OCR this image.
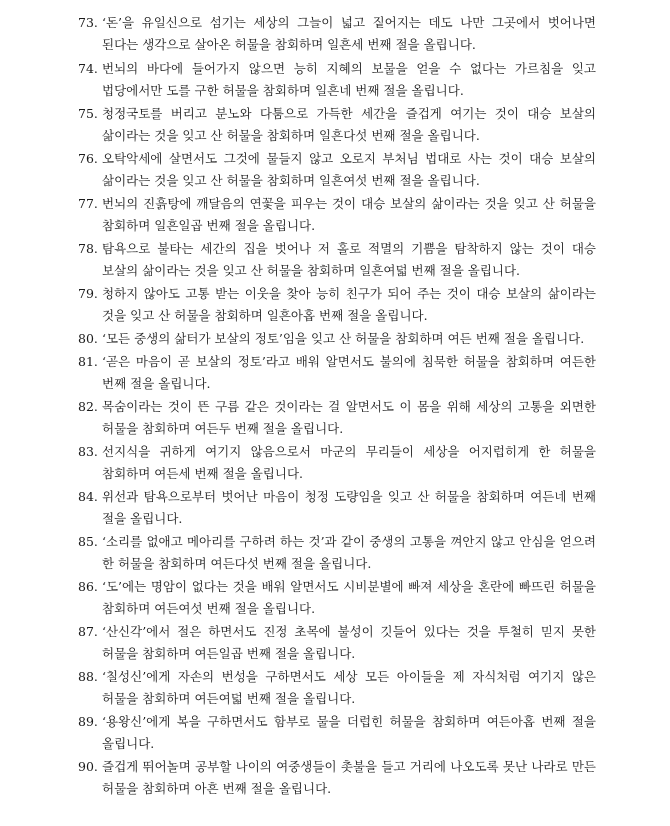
73. ‘돈’을 유일신으로 섬기는 세상의 그늘이 넓고 짙어지는 데도 나만 그곳에서 벗어나면 된다는 생각으로 살아온 허물을 참회하며 일흔세 번째 절을 올립니다.
74. 번뇌의 바다에 들어가지 않으면 능히 지혜의 보물을 얻을 수 없다는 가르침을 잊고 법당에서만 도를 구한 허물을 참회하며 일흔네 번째 절을 올립니다.
75. 청정국토를 버리고 분노와 다툼으로 가득한 세간을 즐겁게 여기는 것이 대승 보살의 삶이라는 것을 잊고 산 허물을 참회하며 일흔다섯 번째 절을 올립니다.
76. 오탁악세에 살면서도 그것에 물들지 않고 오로지 부처님 법대로 사는 것이 대승 보살의 삶이라는 것을 잊고 산 허물을 참회하며 일흔여섯 번째 절을 올립니다.
77. 번뇌의 진흙탕에 깨달음의 연꽃을 피우는 것이 대승 보살의 삶이라는 것을 잊고 산 허물을 참회하며 일흔일곱 번째 절을 올립니다.
78. 탐욕으로 불타는 세간의 집을 벗어나 저 홀로 적멸의 기쁨을 탐착하지 않는 것이 대승 보살의 삶이라는 것을 잊고 산 허물을 참회하며 일흔여덟 번째 절을 올립니다.
79. 청하지 않아도 고통 받는 이웃을 찾아 능히 친구가 되어 주는 것이 대승 보살의 삶이라는 것을 잊고 산 허물을 참회하며 일흔아홉 번째 절을 올립니다.
80. ‘모든 중생의 삶터가 보살의 정토’임을 잊고 산 허물을 참회하며 여든 번째 절을 올립니다.
81. ‘곧은 마음이 곧 보살의 정토’라고 배워 알면서도 불의에 침묵한 허물을 참회하며 여든한 번째 절을 올립니다.
82. 목숨이라는 것이 뜬 구름 같은 것이라는 걸 알면서도 이 몸을 위해 세상의 고통을 외면한 허물을 참회하며 여든두 번째 절을 올립니다.
83. 선지식을 귀하게 여기지 않음으로서 마군의 무리들이 세상을 어지럽히게 한 허물을 참회하며 여든세 번째 절을 올립니다.
84. 위선과 탐욕으로부터 벗어난 마음이 청정 도량임을 잊고 산 허물을 참회하며 여든네 번째 절을 올립니다.
85. ‘소리를 없애고 메아리를 구하려 하는 것’과 같이 중생의 고통을 껴안지 않고 안심을 얻으려 한 허물을 참회하며 여든다섯 번째 절을 올립니다.
86. ‘도’에는 명암이 없다는 것을 배워 알면서도 시비분별에 빠져 세상을 혼란에 빠뜨린 허물을 참회하며 여든여섯 번째 절을 올립니다.
87. ‘산신각’에서 절은 하면서도 진정 초목에 불성이 깃들어 있다는 것을 투철히 믿지 못한 허물을 참회하며 여든일곱 번째 절을 올립니다.
88. ‘칠성신’에게 자손의 번성을 구하면서도 세상 모든 아이들을 제 자식처럼 여기지 않은 허물을 참회하며 여든여덟 번째 절을 올립니다.
89. ‘용왕신’에게 복을 구하면서도 함부로 물을 더럽힌 허물을 참회하며 여든아홉 번째 절을 올립니다.
90. 즐겁게 뛰어놀며 공부할 나이의 여중생들이 촛불을 들고 거리에 나오도록 못난 나라로 만든 허물을 참회하며 아흔 번째 절을 올립니다.
